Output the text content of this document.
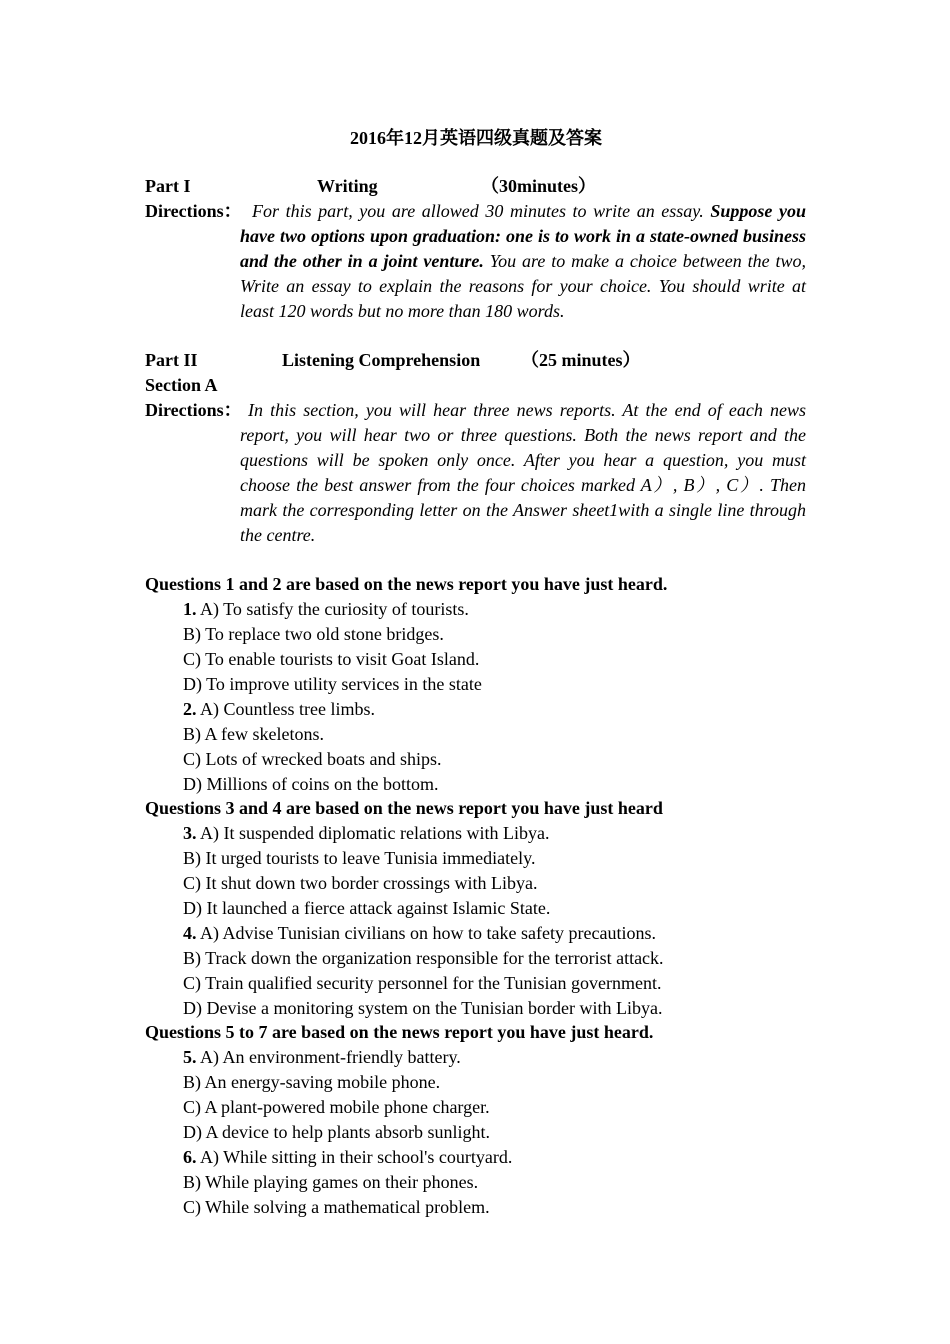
2016年12月英语四级真题及答案
Part I	Writing	（30minutes）
Directions： For this part, you are allowed 30 minutes to write an essay. Suppose you have two options upon graduation: one is to work in a state-owned business and the other in a joint venture. You are to make a choice between the two, Write an essay to explain the reasons for your choice. You should write at least 120 words but no more than 180 words.
Part II	Listening Comprehension （25 minutes）
Section A
Directions： In this section, you will hear three news reports. At the end of each news report, you will hear two or three questions. Both the news report and the questions will be spoken only once. After you hear a question, you must choose the best answer from the four choices marked A）, B）, C）. Then mark the corresponding letter on the Answer sheet1with a single line through the centre.
Questions 1 and 2 are based on the news report you have just heard.
1. A) To satisfy the curiosity of tourists.
B) To replace two old stone bridges.
C) To enable tourists to visit Goat Island.
D) To improve utility services in the state
2. A) Countless tree limbs.
B) A few skeletons.
C) Lots of wrecked boats and ships.
D) Millions of coins on the bottom.
Questions 3 and 4 are based on the news report you have just heard
3. A) It suspended diplomatic relations with Libya.
B) It urged tourists to leave Tunisia immediately.
C) It shut down two border crossings with Libya.
D) It launched a fierce attack against Islamic State.
4. A) Advise Tunisian civilians on how to take safety precautions.
B) Track down the organization responsible for the terrorist attack.
C) Train qualified security personnel for the Tunisian government.
D) Devise a monitoring system on the Tunisian border with Libya.
Questions 5 to 7 are based on the news report you have just heard.
5. A) An environment-friendly battery.
B) An energy-saving mobile phone.
C) A plant-powered mobile phone charger.
D) A device to help plants absorb sunlight.
6. A) While sitting in their school's courtyard.
B) While playing games on their phones.
C) While solving a mathematical problem.
